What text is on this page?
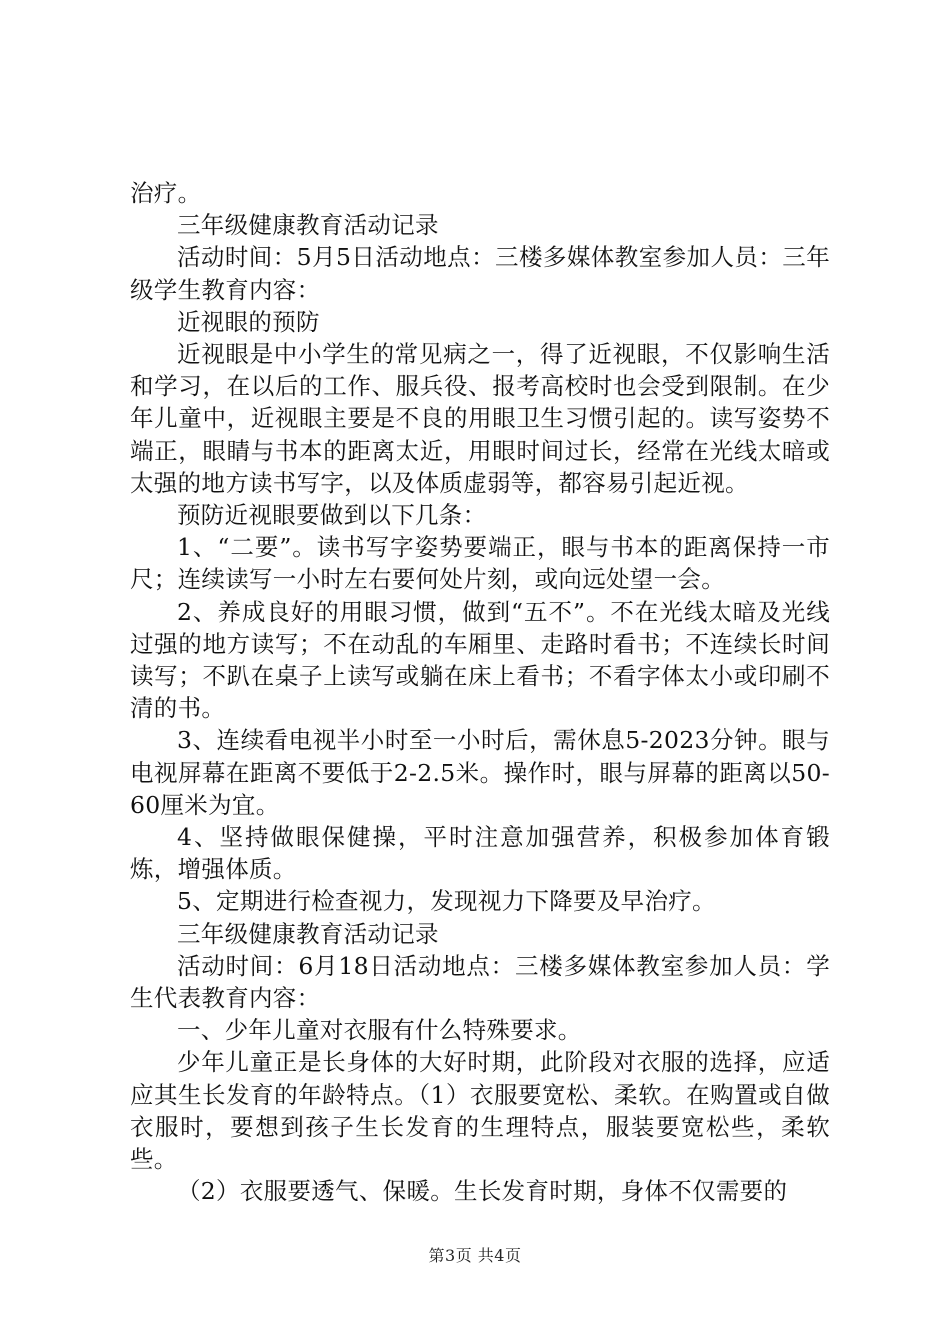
治疗。

三年级健康教育活动记录

活动时间：5月5日活动地点：三楼多媒体教室参加人员：三年级学生教育内容：

近视眼的预防

近视眼是中小学生的常见病之一，得了近视眼，不仅影响生活和学习，在以后的工作、服兵役、报考高校时也会受到限制。在少年儿童中，近视眼主要是不良的用眼卫生习惯引起的。读写姿势不端正，眼睛与书本的距离太近，用眼时间过长，经常在光线太暗或太强的地方读书写字，以及体质虚弱等，都容易引起近视。

预防近视眼要做到以下几条：

1、“二要”。读书写字姿势要端正，眼与书本的距离保持一市尺；连续读写一小时左右要何处片刻，或向远处望一会。

2、养成良好的用眼习惯，做到“五不”。不在光线太暗及光线过强的地方读写；不在动乱的车厢里、走路时看书；不连续长时间读写；不趴在桌子上读写或躺在床上看书；不看字体太小或印刷不清的书。

3、连续看电视半小时至一小时后，需休息5-2023分钟。眼与电视屏幕在距离不要低于2-2.5米。操作时，眼与屏幕的距离以50-60厘米为宜。

4、坚持做眼保健操，平时注意加强营养，积极参加体育锻炼，增强体质。

5、定期进行检查视力，发现视力下降要及早治疗。

三年级健康教育活动记录

活动时间：6月18日活动地点：三楼多媒体教室参加人员：学生代表教育内容：

一、少年儿童对衣服有什么特殊要求。

少年儿童正是长身体的大好时期，此阶段对衣服的选择，应适应其生长发育的年龄特点。（1）衣服要宽松、柔软。在购置或自做衣服时，要想到孩子生长发育的生理特点，服装要宽松些，柔软些。

（2）衣服要透气、保暖。生长发育时期，身体不仅需要的

第3页 共4页
